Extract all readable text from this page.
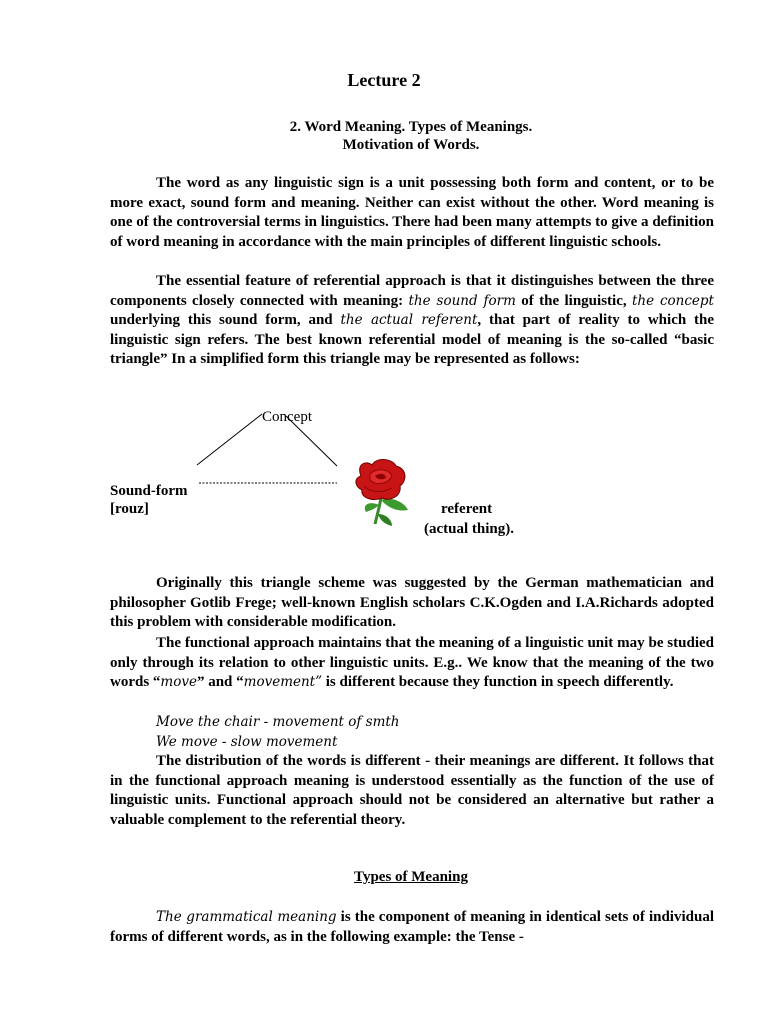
Lecture 2
2. Word Meaning. Types of Meanings.
Motivation of Words.
The word as any linguistic sign is a unit possessing both form and content, or to be more exact, sound form and meaning. Neither can exist without the other. Word meaning is one of the controversial terms in linguistics. There had been many attempts to give a definition of word meaning in accordance with the main principles of different linguistic schools.
The essential feature of referential approach is that it distinguishes between the three components closely connected with meaning: the sound form of the linguistic, the concept underlying this sound form, and the actual referent, that part of reality to which the linguistic sign refers. The best known referential model of meaning is the so-called “basic triangle” In a simplified form this triangle may be represented as follows:
Concept
Sound-form
[rouz]	referent
(actual thing).
Originally this triangle scheme was suggested by the German mathematician and philosopher Gotlib Frege; well-known English scholars C.K.Ogden and I.A.Richards adopted this problem with considerable modification.
The functional approach maintains that the meaning of a linguistic unit may be studied only through its relation to other linguistic units. E.g.. We know that the meaning of the two words “move” and “movement” is different because they function in speech differently.
Move the chair - movement of smth
We move - slow movement
The distribution of the words is different - their meanings are different. It follows that in the functional approach meaning is understood essentially as the function of the use of linguistic units. Functional approach should not be considered an alternative but rather a valuable complement to the referential theory.
Types of Meaning
The grammatical meaning is the component of meaning in identical sets of individual forms of different words, as in the following example: the Tense -
